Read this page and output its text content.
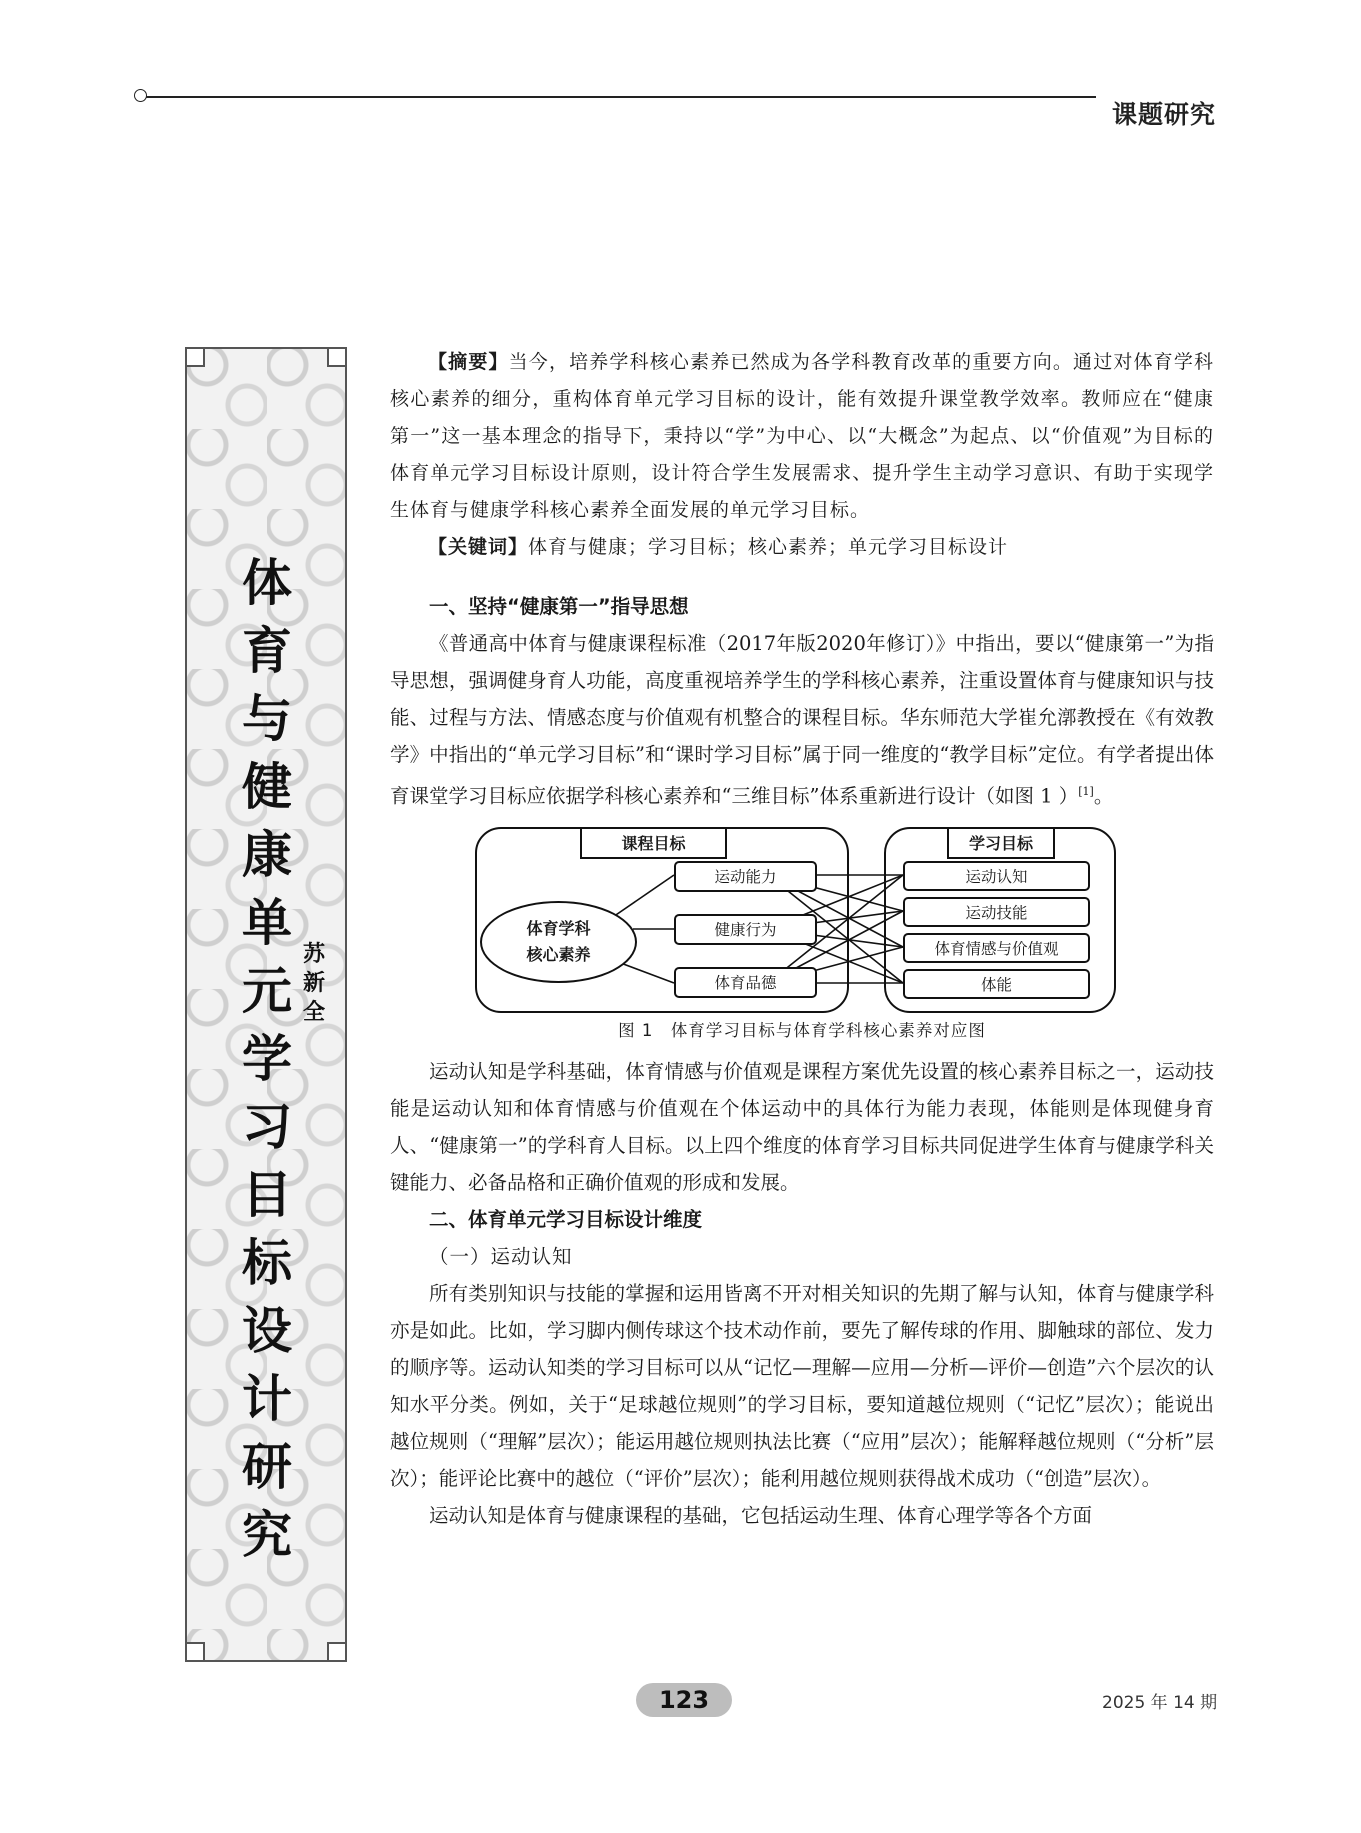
课题研究
体育与健康单元学习目标设计研究
苏新全

【摘要】当今，培养学科核心素养已然成为各学科教育改革的重要方向。通过对体育学科核心素养的细分，重构体育单元学习目标的设计，能有效提升课堂教学效率。教师应在“健康第一”这一基本理念的指导下，秉持以“学”为中心、以“大概念”为起点、以“价值观”为目标的体育单元学习目标设计原则，设计符合学生发展需求、提升学生主动学习意识、有助于实现学生体育与健康学科核心素养全面发展的单元学习目标。

【关键词】体育与健康；学习目标；核心素养；单元学习目标设计

一、坚持“健康第一”指导思想

《普通高中体育与健康课程标准（2017年版2020年修订）》中指出，要以“健康第一”为指导思想，强调健身育人功能，高度重视培养学生的学科核心素养，注重设置体育与健康知识与技能、过程与方法、情感态度与价值观有机整合的课程目标。华东师范大学崔允漷教授在《有效教学》中指出的“单元学习目标”和“课时学习目标”属于同一维度的“教学目标”定位。有学者提出体育课堂学习目标应依据学科核心素养和“三维目标”体系重新进行设计（如图 1 ）[1]。

课程目标	学习目标
体育学科
核心素养
运动能力
健康行为
体育品德
运动认知
运动技能
体育情感与价值观
体能

图 1　体育学习目标与体育学科核心素养对应图

运动认知是学科基础，体育情感与价值观是课程方案优先设置的核心素养目标之一，运动技能是运动认知和体育情感与价值观在个体运动中的具体行为能力表现，体能则是体现健身育人、“健康第一”的学科育人目标。以上四个维度的体育学习目标共同促进学生体育与健康学科关键能力、必备品格和正确价值观的形成和发展。

二、体育单元学习目标设计维度

（一）运动认知

所有类别知识与技能的掌握和运用皆离不开对相关知识的先期了解与认知，体育与健康学科亦是如此。比如，学习脚内侧传球这个技术动作前，要先了解传球的作用、脚触球的部位、发力的顺序等。运动认知类的学习目标可以从“记忆—理解—应用—分析—评价—创造”六个层次的认知水平分类。例如，关于“足球越位规则”的学习目标，要知道越位规则（“记忆”层次）；能说出越位规则（“理解”层次）；能运用越位规则执法比赛（“应用”层次）；能解释越位规则（“分析”层次）；能评论比赛中的越位（“评价”层次）；能利用越位规则获得战术成功（“创造”层次）。

运动认知是体育与健康课程的基础，它包括运动生理、体育心理学等各个方面

123	2025 年 14 期
